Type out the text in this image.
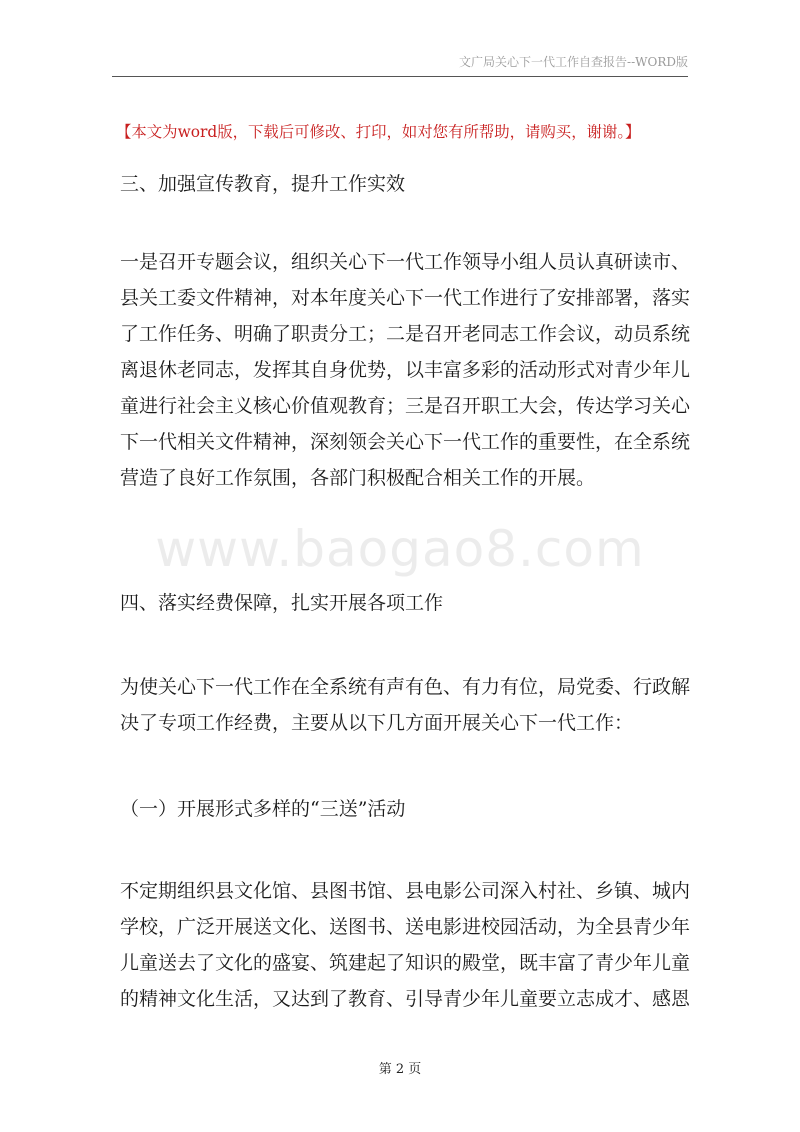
文广局关心下一代工作自查报告--WORD版
【本文为word版，下载后可修改、打印，如对您有所帮助，请购买，谢谢。】

三、加强宣传教育，提升工作实效

一是召开专题会议，组织关心下一代工作领导小组人员认真研读市、
县关工委文件精神，对本年度关心下一代工作进行了安排部署，落实
了工作任务、明确了职责分工；二是召开老同志工作会议，动员系统
离退休老同志，发挥其自身优势，以丰富多彩的活动形式对青少年儿
童进行社会主义核心价值观教育；三是召开职工大会，传达学习关心
下一代相关文件精神，深刻领会关心下一代工作的重要性，在全系统
营造了良好工作氛围，各部门积极配合相关工作的开展。

www.baogao8.com

四、落实经费保障，扎实开展各项工作

为使关心下一代工作在全系统有声有色、有力有位，局党委、行政解
决了专项工作经费，主要从以下几方面开展关心下一代工作：

（一）开展形式多样的“三送”活动

不定期组织县文化馆、县图书馆、县电影公司深入村社、乡镇、城内
学校，广泛开展送文化、送图书、送电影进校园活动，为全县青少年
儿童送去了文化的盛宴、筑建起了知识的殿堂，既丰富了青少年儿童
的精神文化生活，又达到了教育、引导青少年儿童要立志成才、感恩

第 2 页
